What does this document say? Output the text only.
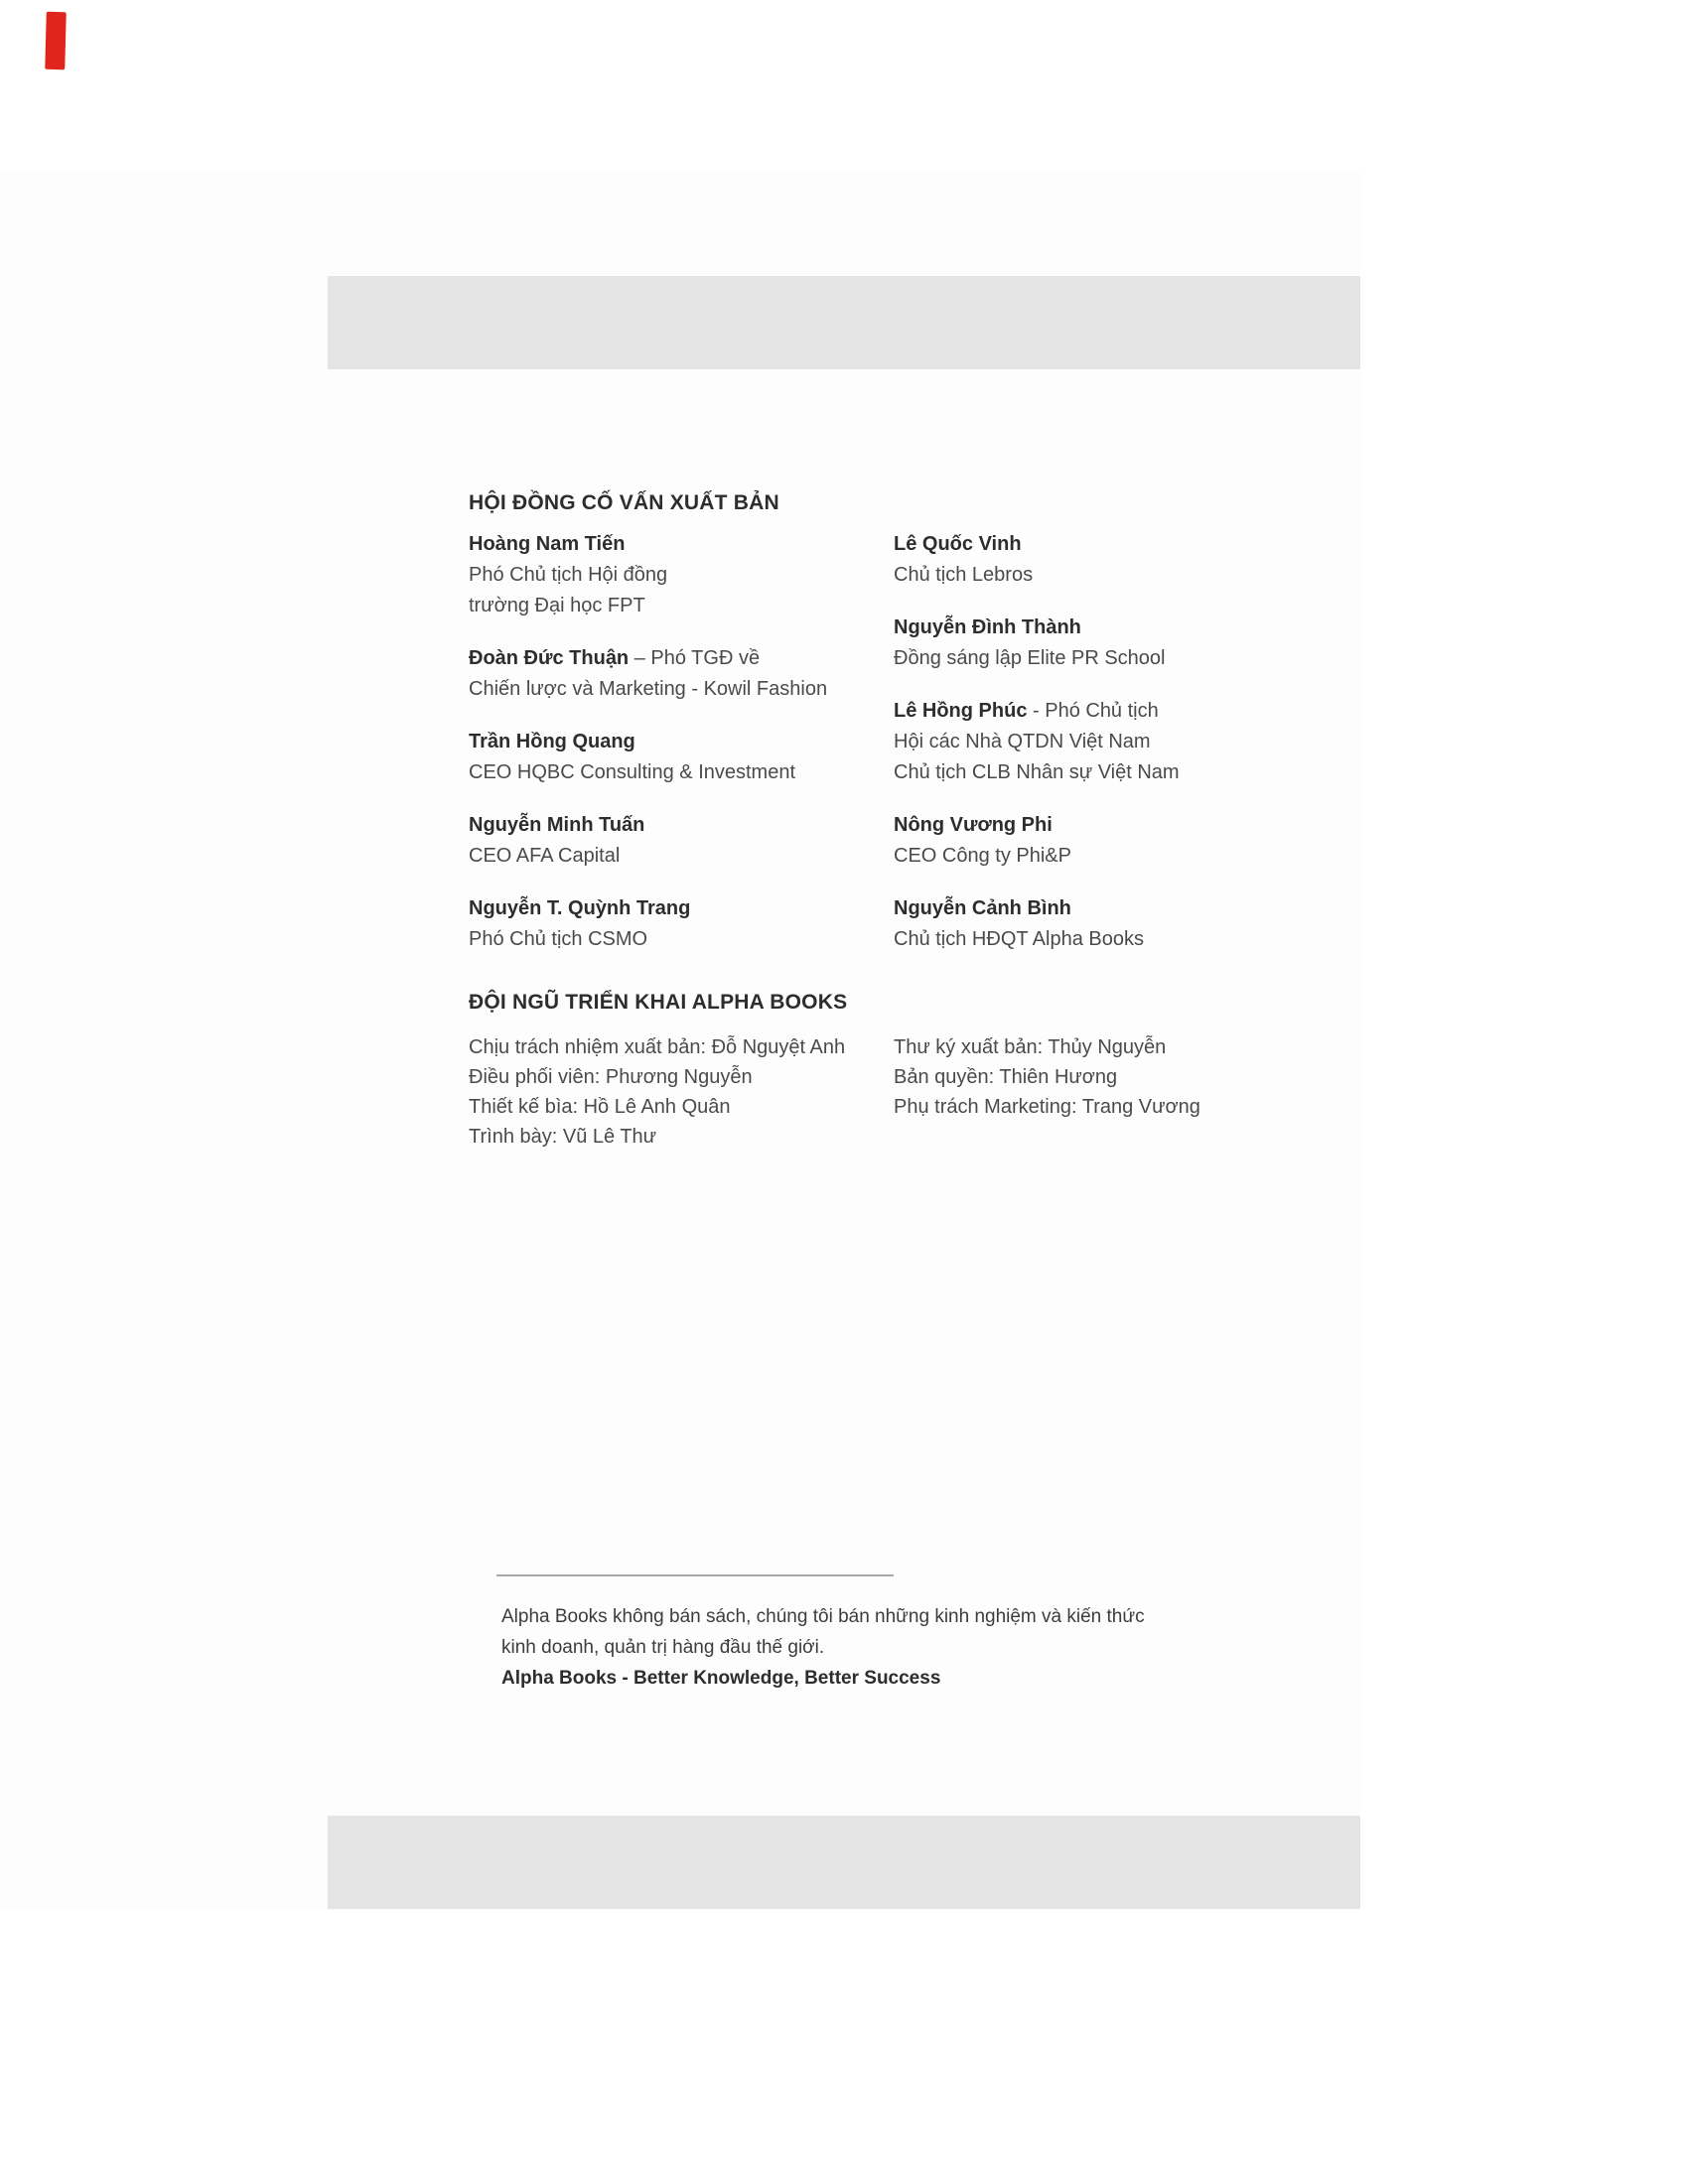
HỘI ĐỒNG CỐ VẤN XUẤT BẢN
Hoàng Nam Tiến
Phó Chủ tịch Hội đồng
trường Đại học FPT
Đoàn Đức Thuận – Phó TGĐ về
Chiến lược và Marketing - Kowil Fashion
Trần Hồng Quang
CEO HQBC Consulting & Investment
Nguyễn Minh Tuấn
CEO AFA Capital
Nguyễn T. Quỳnh Trang
Phó Chủ tịch CSMO
Lê Quốc Vinh
Chủ tịch Lebros
Nguyễn Đình Thành
Đồng sáng lập Elite PR School
Lê Hồng Phúc - Phó Chủ tịch
Hội các Nhà QTDN Việt Nam
Chủ tịch CLB Nhân sự Việt Nam
Nông Vương Phi
CEO Công ty Phi&P
Nguyễn Cảnh Bình
Chủ tịch HĐQT Alpha Books
ĐỘI NGŨ TRIỂN KHAI ALPHA BOOKS
Chịu trách nhiệm xuất bản: Đỗ Nguyệt Anh
Điều phối viên: Phương Nguyễn
Thiết kế bìa: Hồ Lê Anh Quân
Trình bày: Vũ Lê Thư
Thư ký xuất bản: Thủy Nguyễn
Bản quyền: Thiên Hương
Phụ trách Marketing: Trang Vương
Alpha Books không bán sách, chúng tôi bán những kinh nghiệm và kiến thức
kinh doanh, quản trị hàng đầu thế giới.
Alpha Books - Better Knowledge, Better Success
